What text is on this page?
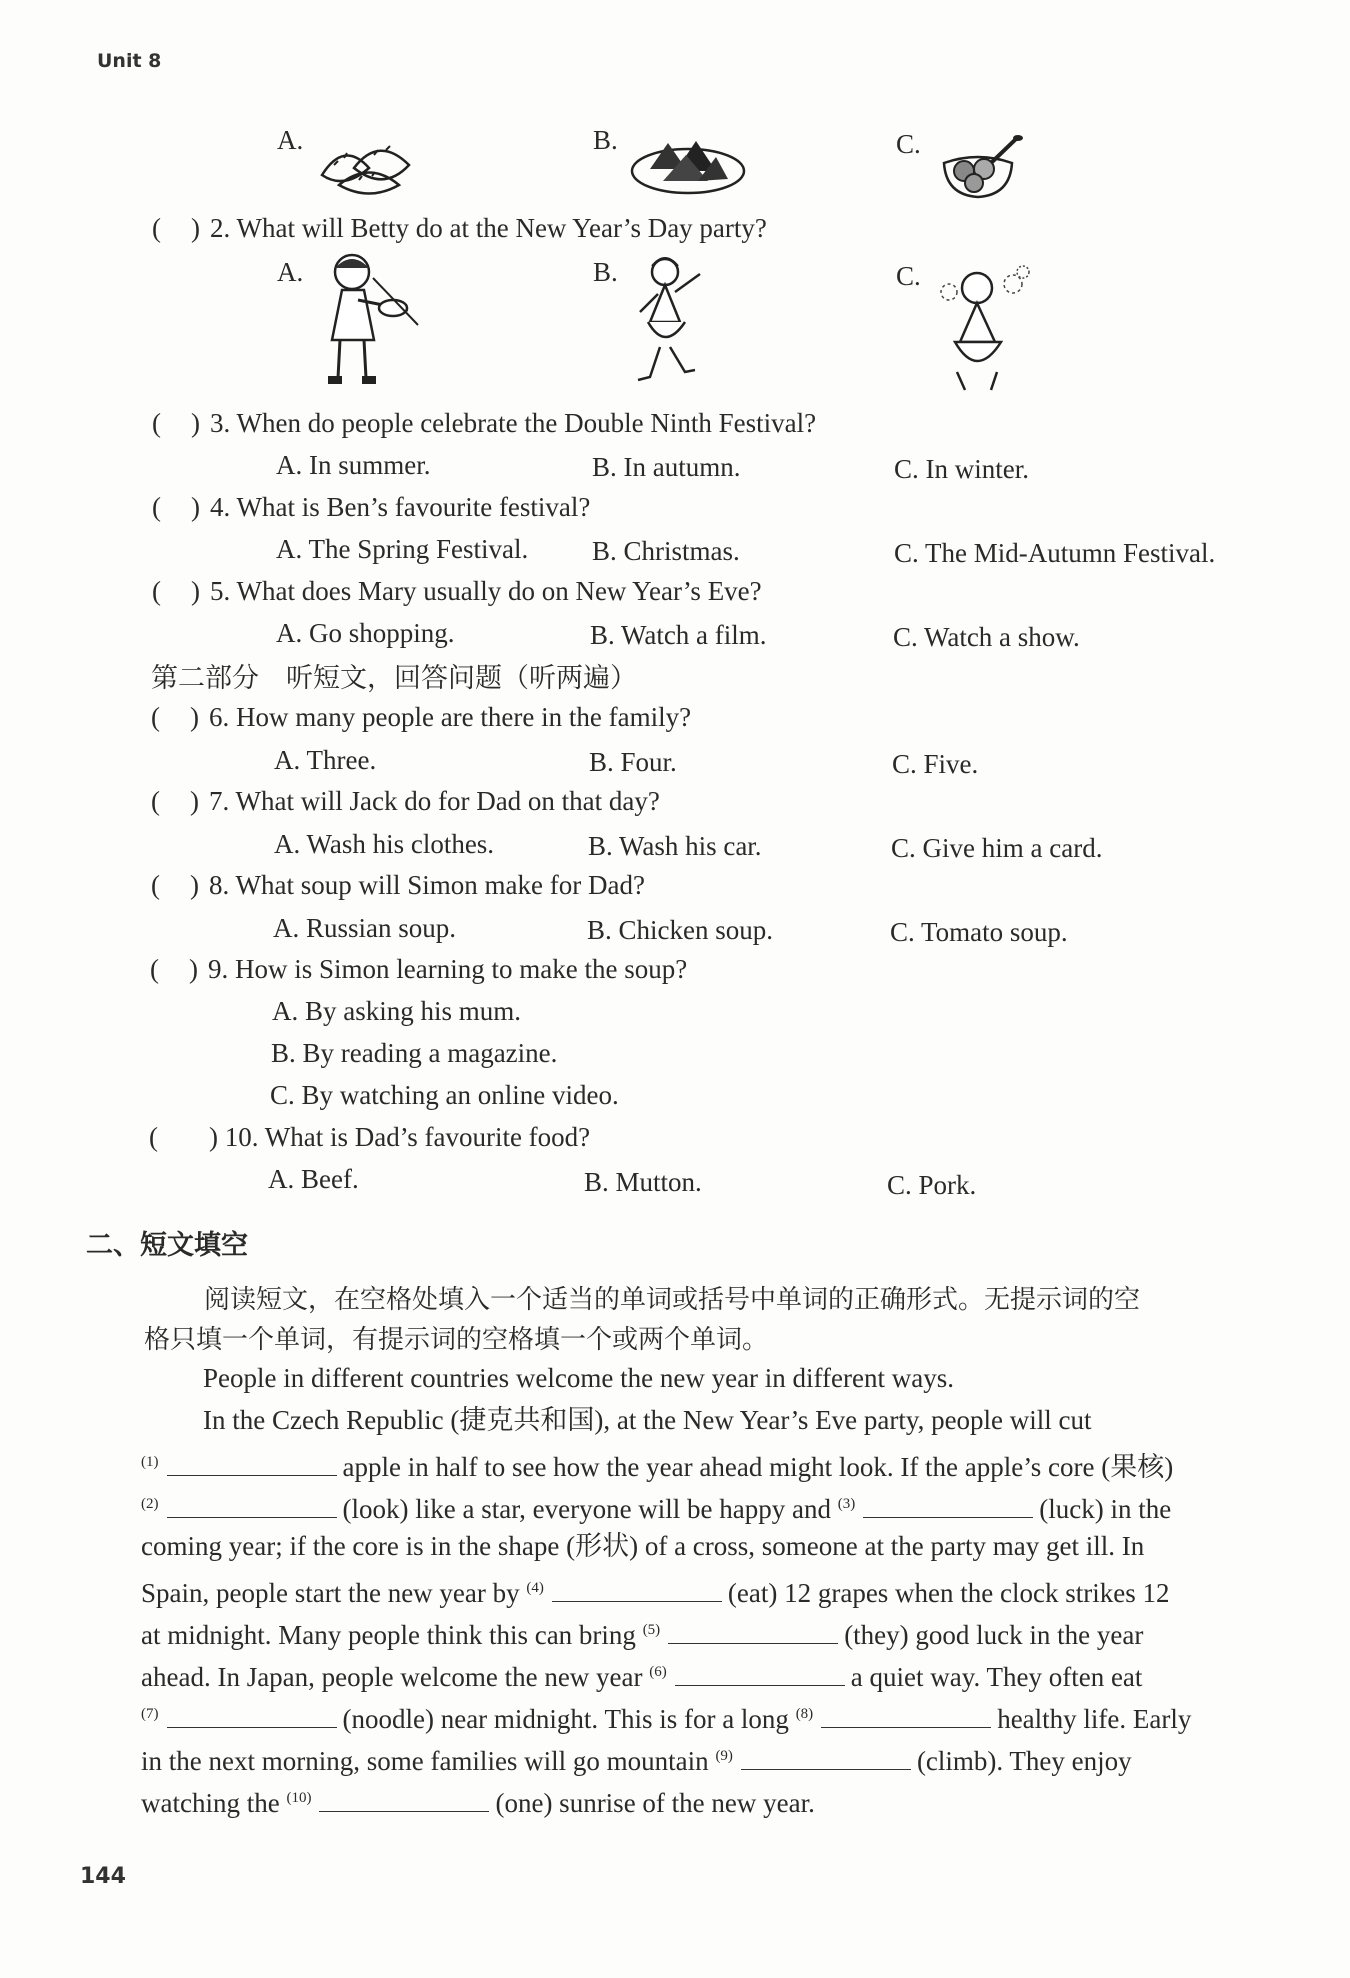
Unit 8
A.	B.	C.
( ) 2. What will Betty do at the New Year’s Day party?
A.	B.	C.
( ) 3. When do people celebrate the Double Ninth Festival?
A. In summer.	B. In autumn.	C. In winter.
( ) 4. What is Ben’s favourite festival?
A. The Spring Festival. B. Christmas.	C. The Mid-Autumn Festival.
( ) 5. What does Mary usually do on New Year’s Eve?
A. Go shopping.	B. Watch a film.	C. Watch a show.
第二部分　听短文，回答问题（听两遍）
( ) 6. How many people are there in the family?
A. Three.	B. Four.	C. Five.
( ) 7. What will Jack do for Dad on that day?
A. Wash his clothes.	B. Wash his car.	C. Give him a card.
( ) 8. What soup will Simon make for Dad?
A. Russian soup.	B. Chicken soup.	C. Tomato soup.
( ) 9. How is Simon learning to make the soup?
A. By asking his mum.
B. By reading a magazine.
C. By watching an online video.
( ) 10. What is Dad’s favourite food?
A. Beef.	B. Mutton.	C. Pork.
二、短文填空
阅读短文，在空格处填入一个适当的单词或括号中单词的正确形式。无提示词的空
格只填一个单词，有提示词的空格填一个或两个单词。
People in different countries welcome the new year in different ways.
In the Czech Republic (捷克共和国), at the New Year’s Eve party, people will cut
$^{(1)}$	apple in half to see how the year ahead might look. If the apple’s core (果核)
$^{(2)}$	(look) like a star, everyone will be happy and $^{(3)}$	(luck) in the
coming year; if the core is in the shape (形状) of a cross, someone at the party may get ill. In
Spain, people start the new year by $^{(4)}$	(eat) 12 grapes when the clock strikes 12
at midnight. Many people think this can bring $^{(5)}$	(they) good luck in the year
ahead. In Japan, people welcome the new year $^{(6)}$	a quiet way. They often eat
$^{(7)}$	(noodle) near midnight. This is for a long $^{(8)}$	healthy life. Early
in the next morning, some families will go mountain $^{(9)}$	(climb). They enjoy
watching the $^{(10)}$	(one) sunrise of the new year.
144
